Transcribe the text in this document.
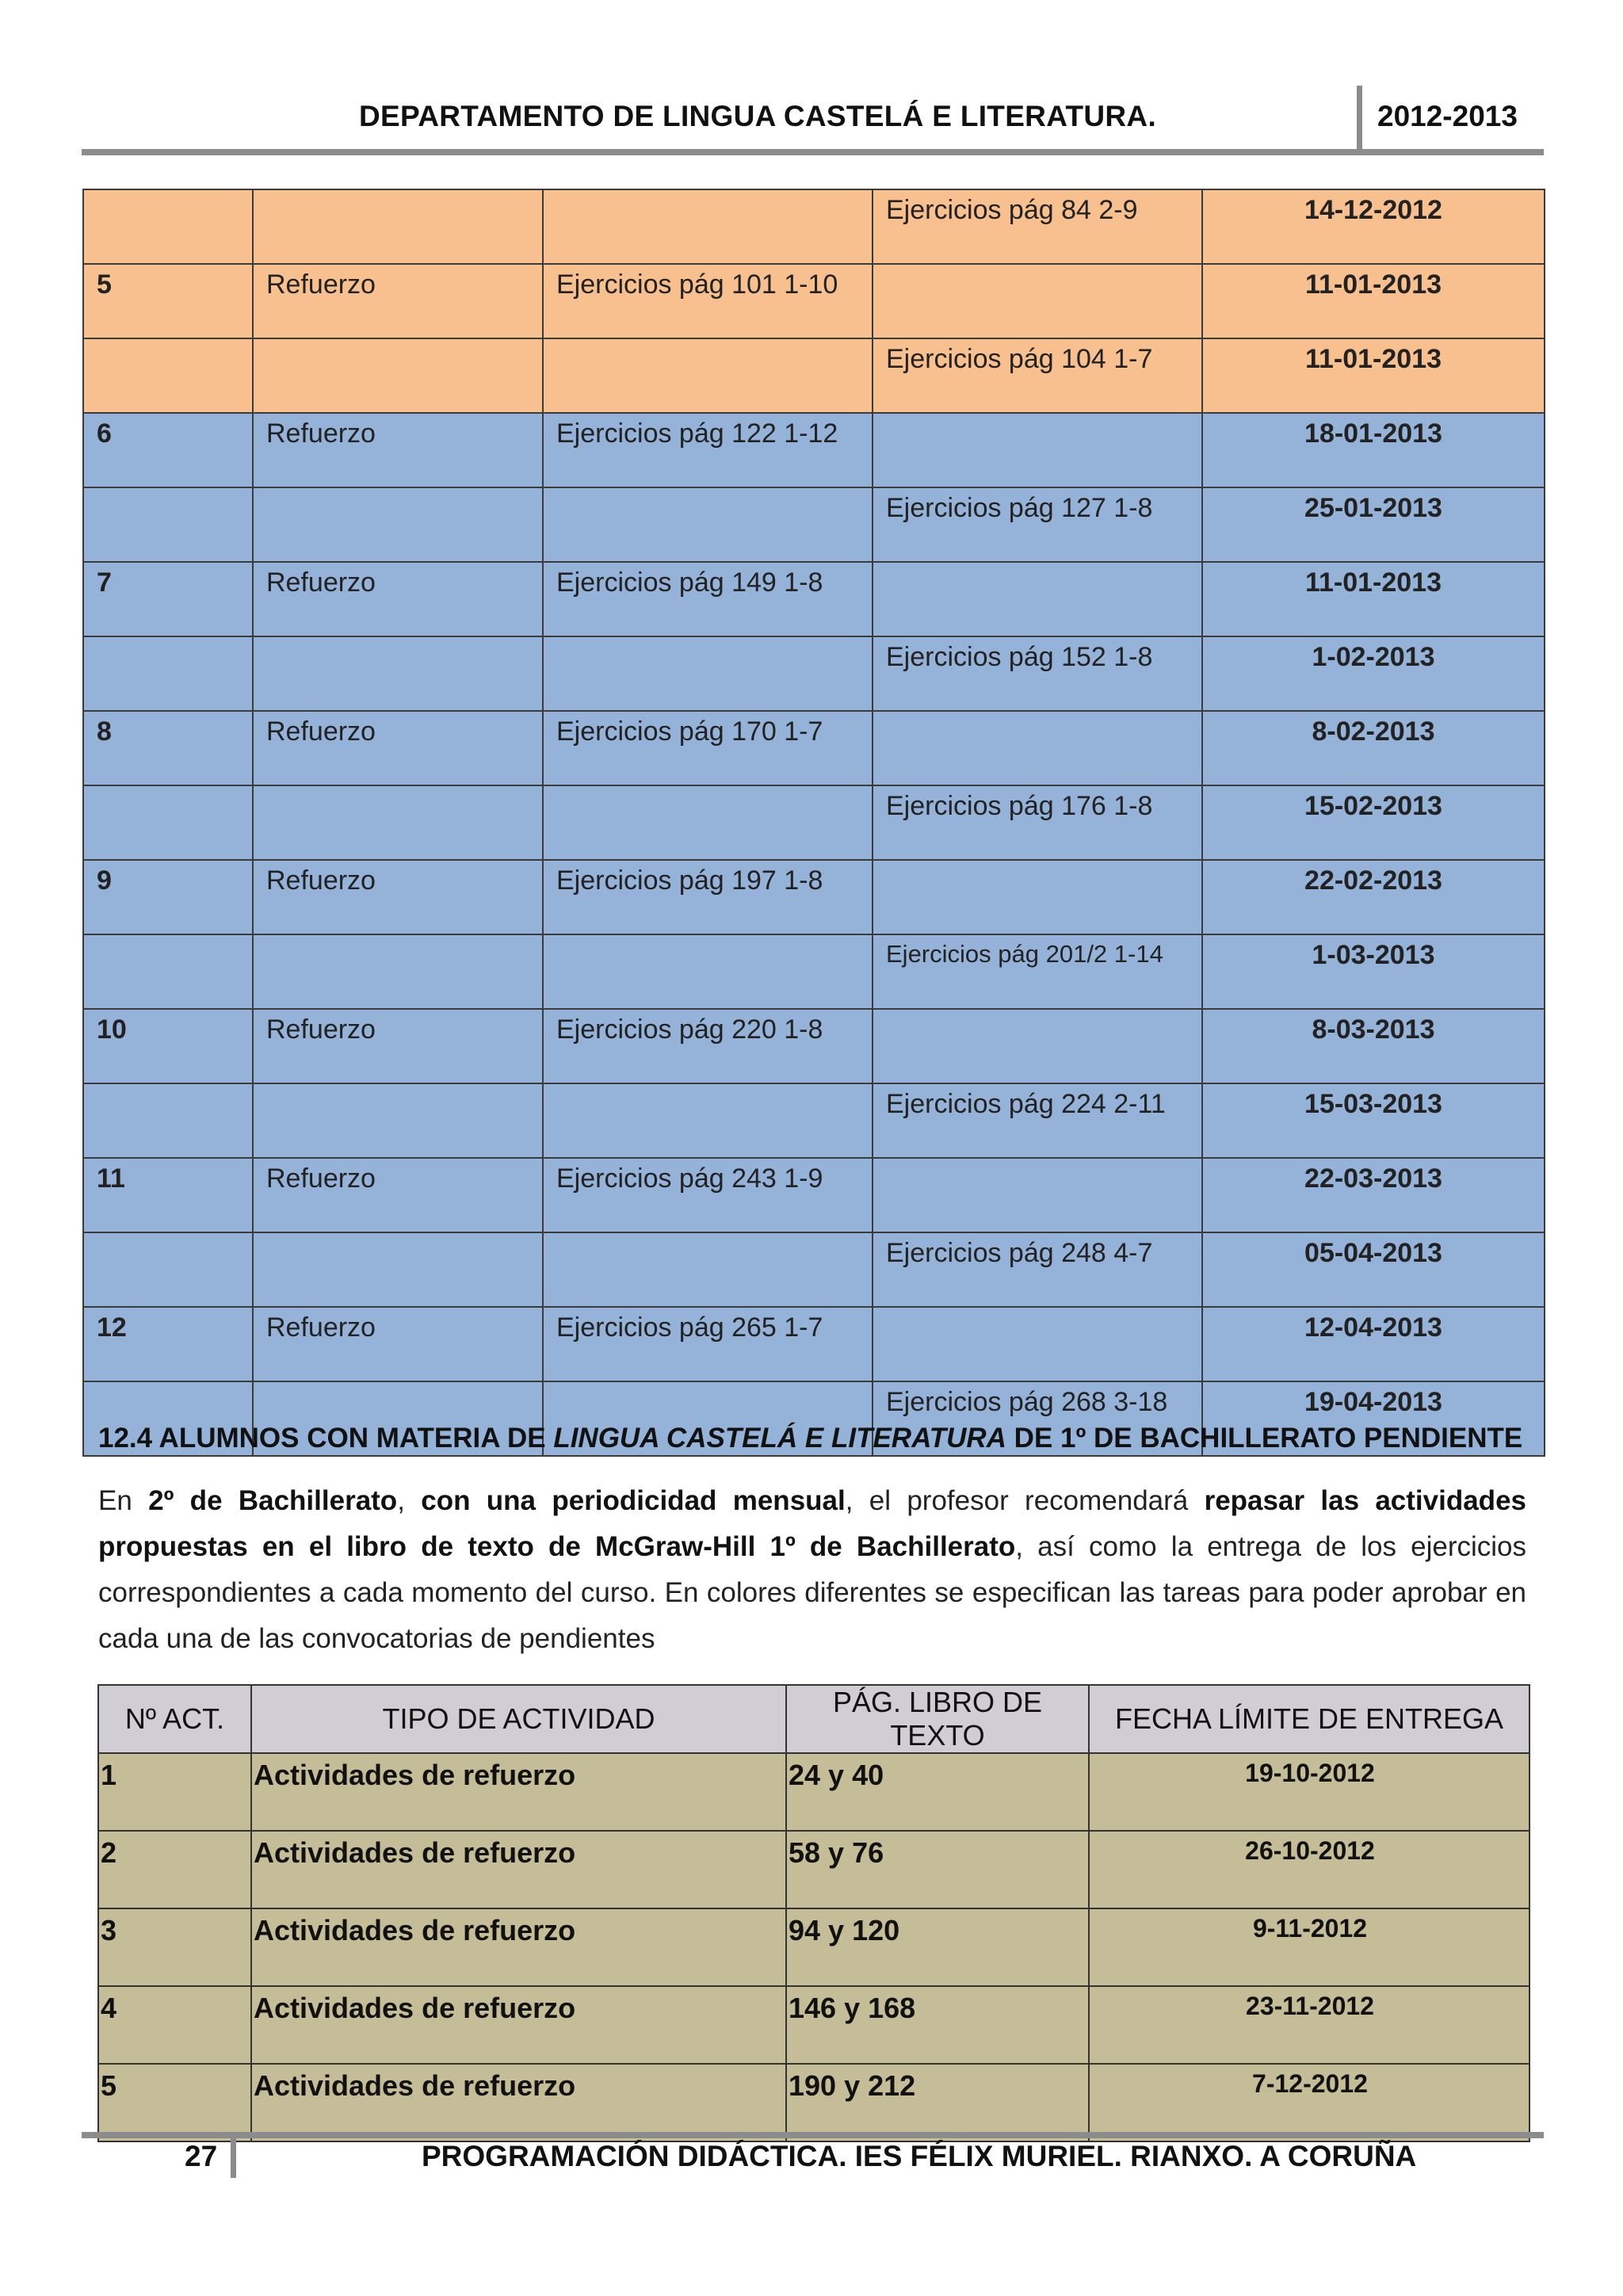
DEPARTAMENTO DE LINGUA CASTELÁ E LITERATURA.	2012-2013
			Ejercicios pág 84 2-9	14-12-2012
5	Refuerzo	Ejercicios pág 101 1-10		11-01-2013
			Ejercicios pág 104 1-7	11-01-2013
6	Refuerzo	Ejercicios pág 122 1-12		18-01-2013
			Ejercicios pág 127 1-8	25-01-2013
7	Refuerzo	Ejercicios pág 149 1-8		11-01-2013
			Ejercicios pág 152 1-8	1-02-2013
8	Refuerzo	Ejercicios pág 170 1-7		8-02-2013
			Ejercicios pág 176 1-8	15-02-2013
9	Refuerzo	Ejercicios pág 197 1-8		22-02-2013
			Ejercicios pág 201/2 1-14	1-03-2013
10	Refuerzo	Ejercicios pág 220 1-8		8-03-2013
			Ejercicios pág 224 2-11	15-03-2013
11	Refuerzo	Ejercicios pág 243 1-9		22-03-2013
			Ejercicios pág 248 4-7	05-04-2013
12	Refuerzo	Ejercicios pág 265 1-7		12-04-2013
			Ejercicios pág 268 3-18	19-04-2013
12.4 ALUMNOS CON MATERIA DE LINGUA CASTELÁ E LITERATURA DE 1º DE BACHILLERATO PENDIENTE
En 2º de Bachillerato, con una periodicidad mensual, el profesor recomendará repasar las actividades propuestas en el libro de texto de McGraw-Hill 1º de Bachillerato, así como la entrega de los ejercicios correspondientes a cada momento del curso. En colores diferentes se especifican las tareas para poder aprobar en cada una de las convocatorias de pendientes
Nº ACT.	TIPO DE ACTIVIDAD	PÁG. LIBRO DE TEXTO	FECHA LÍMITE DE ENTREGA
1	Actividades de refuerzo	24 y 40	19-10-2012
2	Actividades de refuerzo	58 y 76	26-10-2012
3	Actividades de refuerzo	94 y 120	9-11-2012
4	Actividades de refuerzo	146 y 168	23-11-2012
5	Actividades de refuerzo	190 y 212	7-12-2012
27	PROGRAMACIÓN DIDÁCTICA. IES FÉLIX MURIEL. RIANXO. A CORUÑA
